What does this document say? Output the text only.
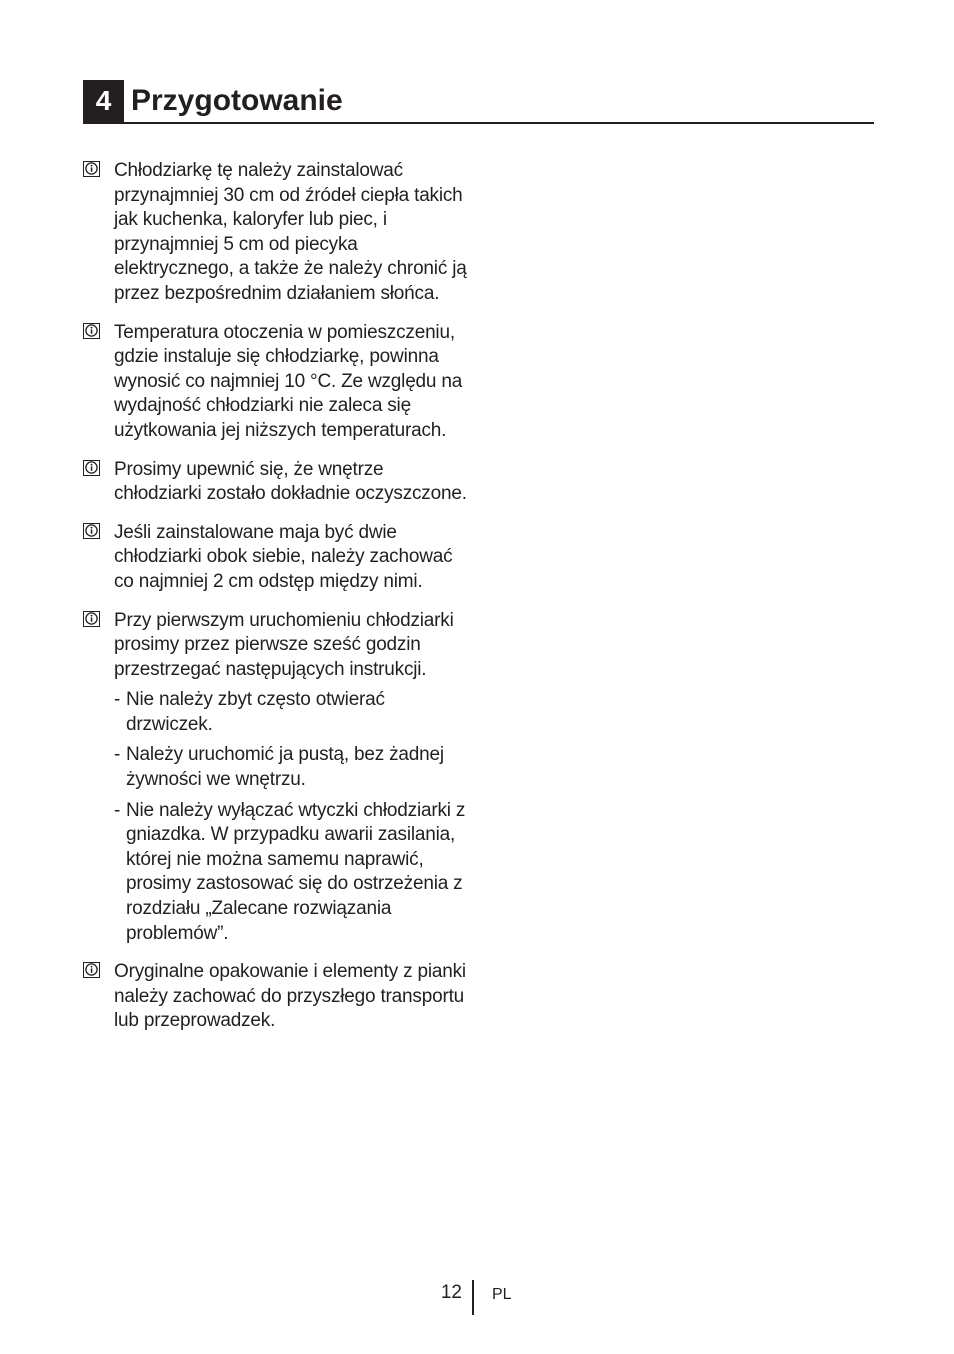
4 Przygotowanie

Chłodziarkę tę należy zainstalować przynajmniej 30 cm od źródeł ciepła takich jak kuchenka, kaloryfer lub piec, i przynajmniej 5 cm od piecyka elektrycznego, a także że należy chronić ją przez bezpośrednim działaniem słońca.

Temperatura otoczenia w pomieszczeniu, gdzie instaluje się chłodziarkę, powinna wynosić co najmniej 10 °C. Ze względu na wydajność chłodziarki nie zaleca się użytkowania jej niższych temperaturach.

Prosimy upewnić się, że wnętrze chłodziarki zostało dokładnie oczyszczone.

Jeśli zainstalowane maja być dwie chłodziarki obok siebie, należy zachować co najmniej 2 cm odstęp między nimi.

Przy pierwszym uruchomieniu chłodziarki prosimy przez pierwsze sześć godzin przestrzegać następujących instrukcji.

- Nie należy zbyt często otwierać drzwiczek.
- Należy uruchomić ja pustą, bez żadnej żywności we wnętrzu.
- Nie należy wyłączać wtyczki chłodziarki z gniazdka. W przypadku awarii zasilania, której nie można samemu naprawić, prosimy zastosować się do ostrzeżenia z rozdziału „Zalecane rozwiązania problemów”.

Oryginalne opakowanie i elementy z pianki należy zachować do przyszłego transportu lub przeprowadzek.

12 PL
